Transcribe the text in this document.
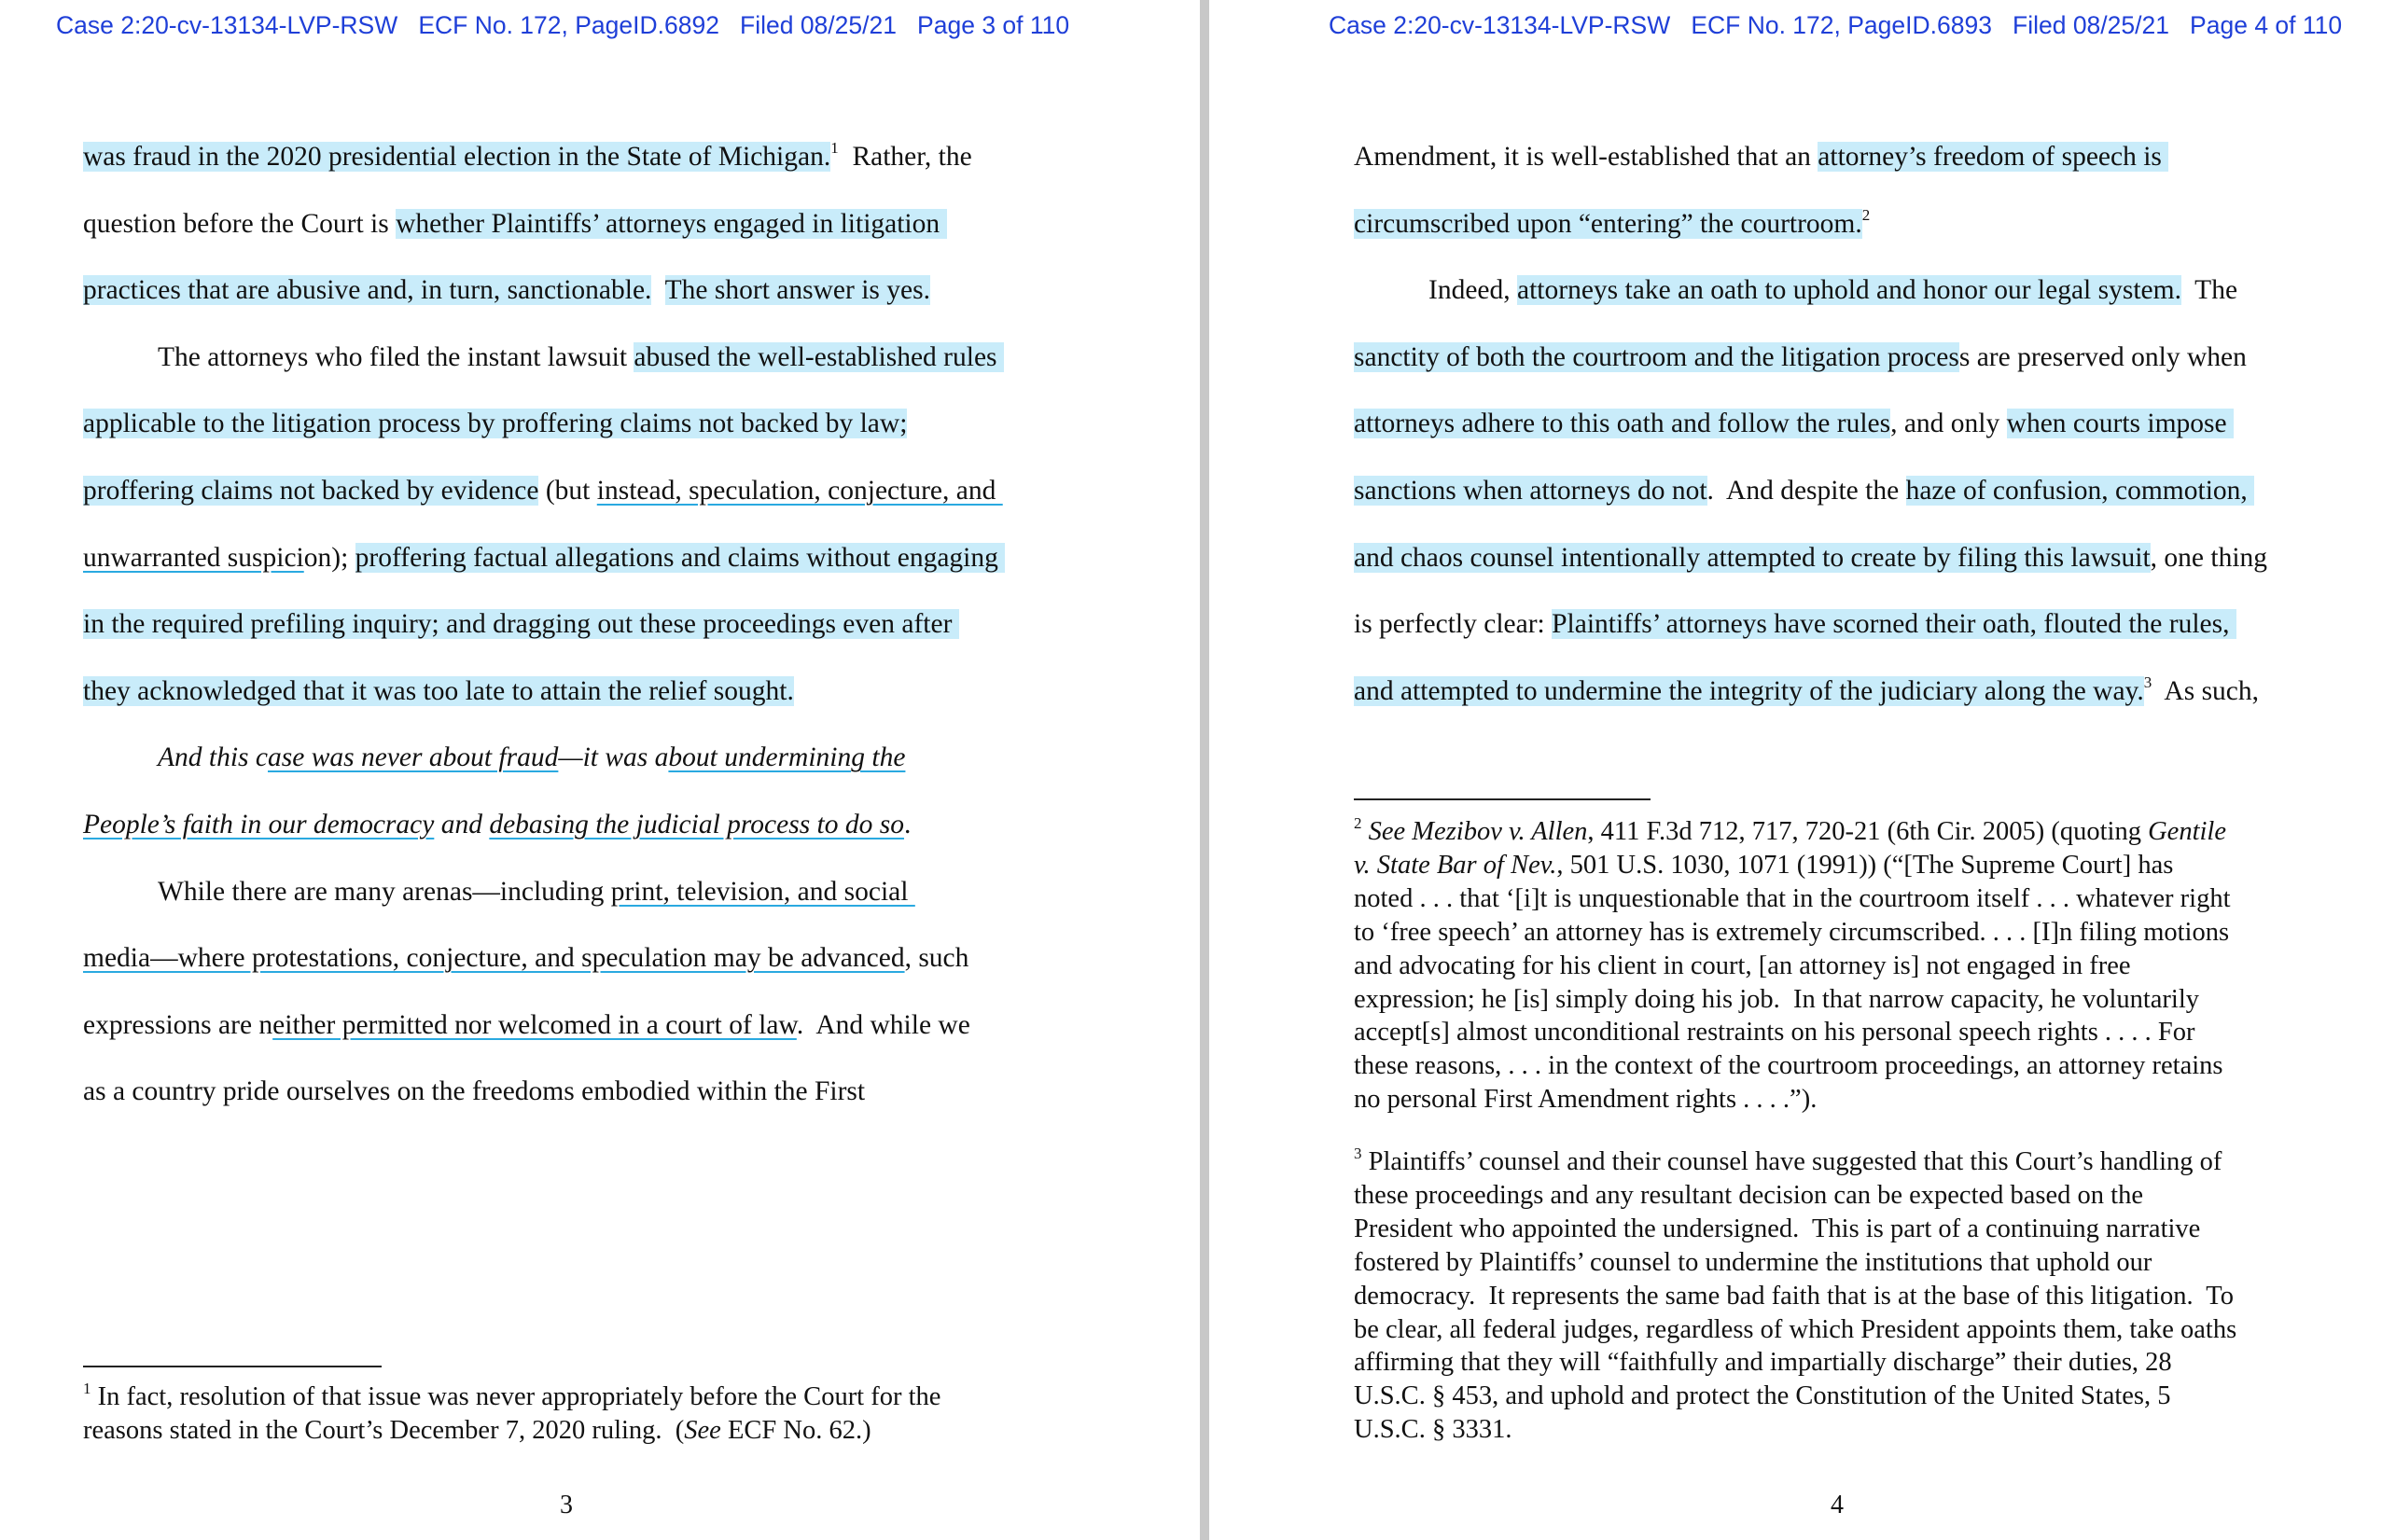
Case 2:20-cv-13134-LVP-RSW   ECF No. 172, PageID.6892   Filed 08/25/21   Page 3 of 110
was fraud in the 2020 presidential election in the State of Michigan.$^1$  Rather, the
question before the Court is whether Plaintiffs’ attorneys engaged in litigation
practices that are abusive and, in turn, sanctionable. The short answer is yes.
The attorneys who filed the instant lawsuit abused the well-established rules
applicable to the litigation process by proffering claims not backed by law;
proffering claims not backed by evidence (but instead, speculation, conjecture, and
unwarranted suspicion); proffering factual allegations and claims without engaging
in the required prefiling inquiry; and dragging out these proceedings even after
they acknowledged that it was too late to attain the relief sought.
And this case was never about fraud—it was about undermining the
People’s faith in our democracy and debasing the judicial process to do so.
While there are many arenas—including print, television, and social
media—where protestations, conjecture, and speculation may be advanced, such
expressions are neither permitted nor welcomed in a court of law.  And while we
as a country pride ourselves on the freedoms embodied within the First
$^1$ In fact, resolution of that issue was never appropriately before the Court for the
reasons stated in the Court’s December 7, 2020 ruling.  (See ECF No. 62.)
3
Case 2:20-cv-13134-LVP-RSW   ECF No. 172, PageID.6893   Filed 08/25/21   Page 4 of 110
Amendment, it is well-established that an attorney’s freedom of speech is
circumscribed upon “entering” the courtroom.$^2$
Indeed, attorneys take an oath to uphold and honor our legal system.  The
sanctity of both the courtroom and the litigation process are preserved only when
attorneys adhere to this oath and follow the rules, and only when courts impose
sanctions when attorneys do not.  And despite the haze of confusion, commotion,
and chaos counsel intentionally attempted to create by filing this lawsuit, one thing
is perfectly clear: Plaintiffs’ attorneys have scorned their oath, flouted the rules,
and attempted to undermine the integrity of the judiciary along the way.$^3$  As such,
$^2$ See Mezibov v. Allen, 411 F.3d 712, 717, 720-21 (6th Cir. 2005) (quoting Gentile
v. State Bar of Nev., 501 U.S. 1030, 1071 (1991)) (“[The Supreme Court] has
noted . . . that ‘[i]t is unquestionable that in the courtroom itself . . . whatever right
to ‘free speech’ an attorney has is extremely circumscribed. . . . [I]n filing motions
and advocating for his client in court, [an attorney is] not engaged in free
expression; he [is] simply doing his job.  In that narrow capacity, he voluntarily
accept[s] almost unconditional restraints on his personal speech rights . . . . For
these reasons, . . . in the context of the courtroom proceedings, an attorney retains
no personal First Amendment rights . . . .”).
$^3$ Plaintiffs’ counsel and their counsel have suggested that this Court’s handling of
these proceedings and any resultant decision can be expected based on the
President who appointed the undersigned.  This is part of a continuing narrative
fostered by Plaintiffs’ counsel to undermine the institutions that uphold our
democracy.  It represents the same bad faith that is at the base of this litigation.  To
be clear, all federal judges, regardless of which President appoints them, take oaths
affirming that they will “faithfully and impartially discharge” their duties, 28
U.S.C. § 453, and uphold and protect the Constitution of the United States, 5
U.S.C. § 3331.
4
